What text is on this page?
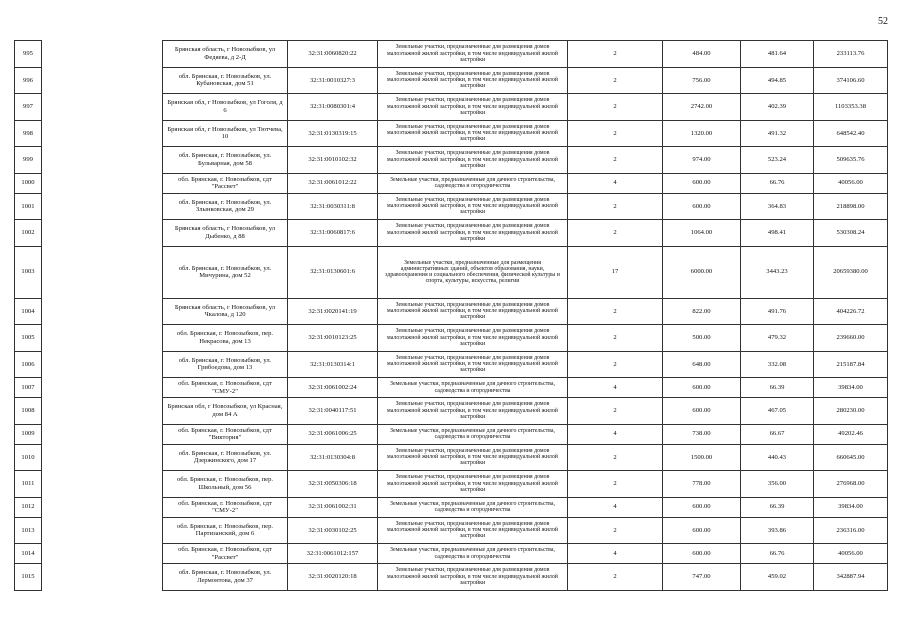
52
995		Брянская область, г Новозыбков, ул Федяева, д 2-Д	32:31:0060820:22	Земельные участки, предназначенные для размещения домов малоэтажной жилой застройки, в том числе индивидуальной жилой застройки	2	484.00	481.64	233113.76
996		обл. Брянская, г. Новозыбков, ул. Кубановская, дом 51	32:31:0010327:3	Земельные участки, предназначенные для размещения домов малоэтажной жилой застройки, в том числе индивидуальной жилой застройки	2	756.00	494.85	374106.60
997		Брянская обл, г Новозыбков, ул Гоголя, д 6	32:31:0080301:4	Земельные участки, предназначенные для размещения домов малоэтажной жилой застройки, в том числе индивидуальной жилой застройки	2	2742.00	402.39	1103353.38
998		Брянская обл, г Новозыбков, ул Тютчева, 10	32:31:0130319:15	Земельные участки, предназначенные для размещения домов малоэтажной жилой застройки, в том числе индивидуальной жилой застройки	2	1320.00	491.32	648542.40
999		обл. Брянская, г. Новозыбков, ул. Бульварная, дом 58	32:31:0010102:32	Земельные участки, предназначенные для размещения домов малоэтажной жилой застройки, в том числе индивидуальной жилой застройки	2	974.00	523.24	509635.76
1000		обл. Брянская, г. Новозыбков, сдт "Рассвет"	32:31:0061012:22	Земельные участки, предназначенные для дачного строительства, садоводства и огородничества	4	600.00	66.76	40056.00
1001		обл. Брянская, г. Новозыбков, ул. Злынковская, дом 29	32:31:0030311:8	Земельные участки, предназначенные для размещения домов малоэтажной жилой застройки, в том числе индивидуальной жилой застройки	2	600.00	364.83	218898.00
1002		Брянская область, г Новозыбков, ул Дыбенко, д 88	32:31:0060817:6	Земельные участки, предназначенные для размещения домов малоэтажной жилой застройки, в том числе индивидуальной жилой застройки	2	1064.00	498.41	530308.24
1003		обл. Брянская, г. Новозыбков, ул. Мичурина, дом 52	32:31:0130601:6	Земельные участки, предназначенные для размещения административных зданий, объектов образования, науки, здравоохранения и социального обеспечения, физической культуры и спорта, культуры, искусства, религии	17	6000.00	3443.23	20659380.00
1004		Брянская область, г Новозыбков, ул Чкалова, д 120	32:31:0020141:19	Земельные участки, предназначенные для размещения домов малоэтажной жилой застройки, в том числе индивидуальной жилой застройки	2	822.00	491.76	404226.72
1005		обл. Брянская, г. Новозыбков, пер. Некрасова, дом 13	32:31:0010123:25	Земельные участки, предназначенные для размещения домов малоэтажной жилой застройки, в том числе индивидуальной жилой застройки	2	500.00	479.32	239660.00
1006		обл. Брянская, г. Новозыбков, ул. Грибоедова, дом 13	32:31:0130314:1	Земельные участки, предназначенные для размещения домов малоэтажной жилой застройки, в том числе индивидуальной жилой застройки	2	648.00	332.08	215187.84
1007		обл. Брянская, г. Новозыбков, сдт "СМУ-2"	32:31:0061002:24	Земельные участки, предназначенные для дачного строительства, садоводства и огородничества	4	600.00	66.39	39834.00
1008		Брянская обл, г Новозыбков, ул Красная, дом 84 А	32:31:0040117:51	Земельные участки, предназначенные для размещения домов малоэтажной жилой застройки, в том числе индивидуальной жилой застройки	2	600.00	467.05	280230.00
1009		обл. Брянская, г. Новозыбков, сдт "Виктория"	32:31:0061006:25	Земельные участки, предназначенные для дачного строительства, садоводства и огородничества	4	738.00	66.67	49202.46
1010		обл. Брянская, г. Новозыбков, ул. Дзержинского, дом 17	32:31:0130304:8	Земельные участки, предназначенные для размещения домов малоэтажной жилой застройки, в том числе индивидуальной жилой застройки	2	1500.00	440.43	660645.00
1011		обл. Брянская, г. Новозыбков, пер. Школьный, дом 56	32:31:0050306:18	Земельные участки, предназначенные для размещения домов малоэтажной жилой застройки, в том числе индивидуальной жилой застройки	2	778.00	356.00	276968.00
1012		обл. Брянская, г. Новозыбков, сдт "СМУ-2"	32:31:0061002:31	Земельные участки, предназначенные для дачного строительства, садоводства и огородничества	4	600.00	66.39	39834.00
1013		обл. Брянская, г. Новозыбков, пер. Партизанский, дом 6	32:31:0030102:25	Земельные участки, предназначенные для размещения домов малоэтажной жилой застройки, в том числе индивидуальной жилой застройки	2	600.00	393.86	236316.00
1014		обл. Брянская, г. Новозыбков, сдт "Рассвет"	32:31:0061012:157	Земельные участки, предназначенные для дачного строительства, садоводства и огородничества	4	600.00	66.76	40056.00
1015		обл. Брянская, г. Новозыбков, ул. Лермонтова, дом 37	32:31:0020120:18	Земельные участки, предназначенные для размещения домов малоэтажной жилой застройки, в том числе индивидуальной жилой застройки	2	747.00	459.02	342887.94
